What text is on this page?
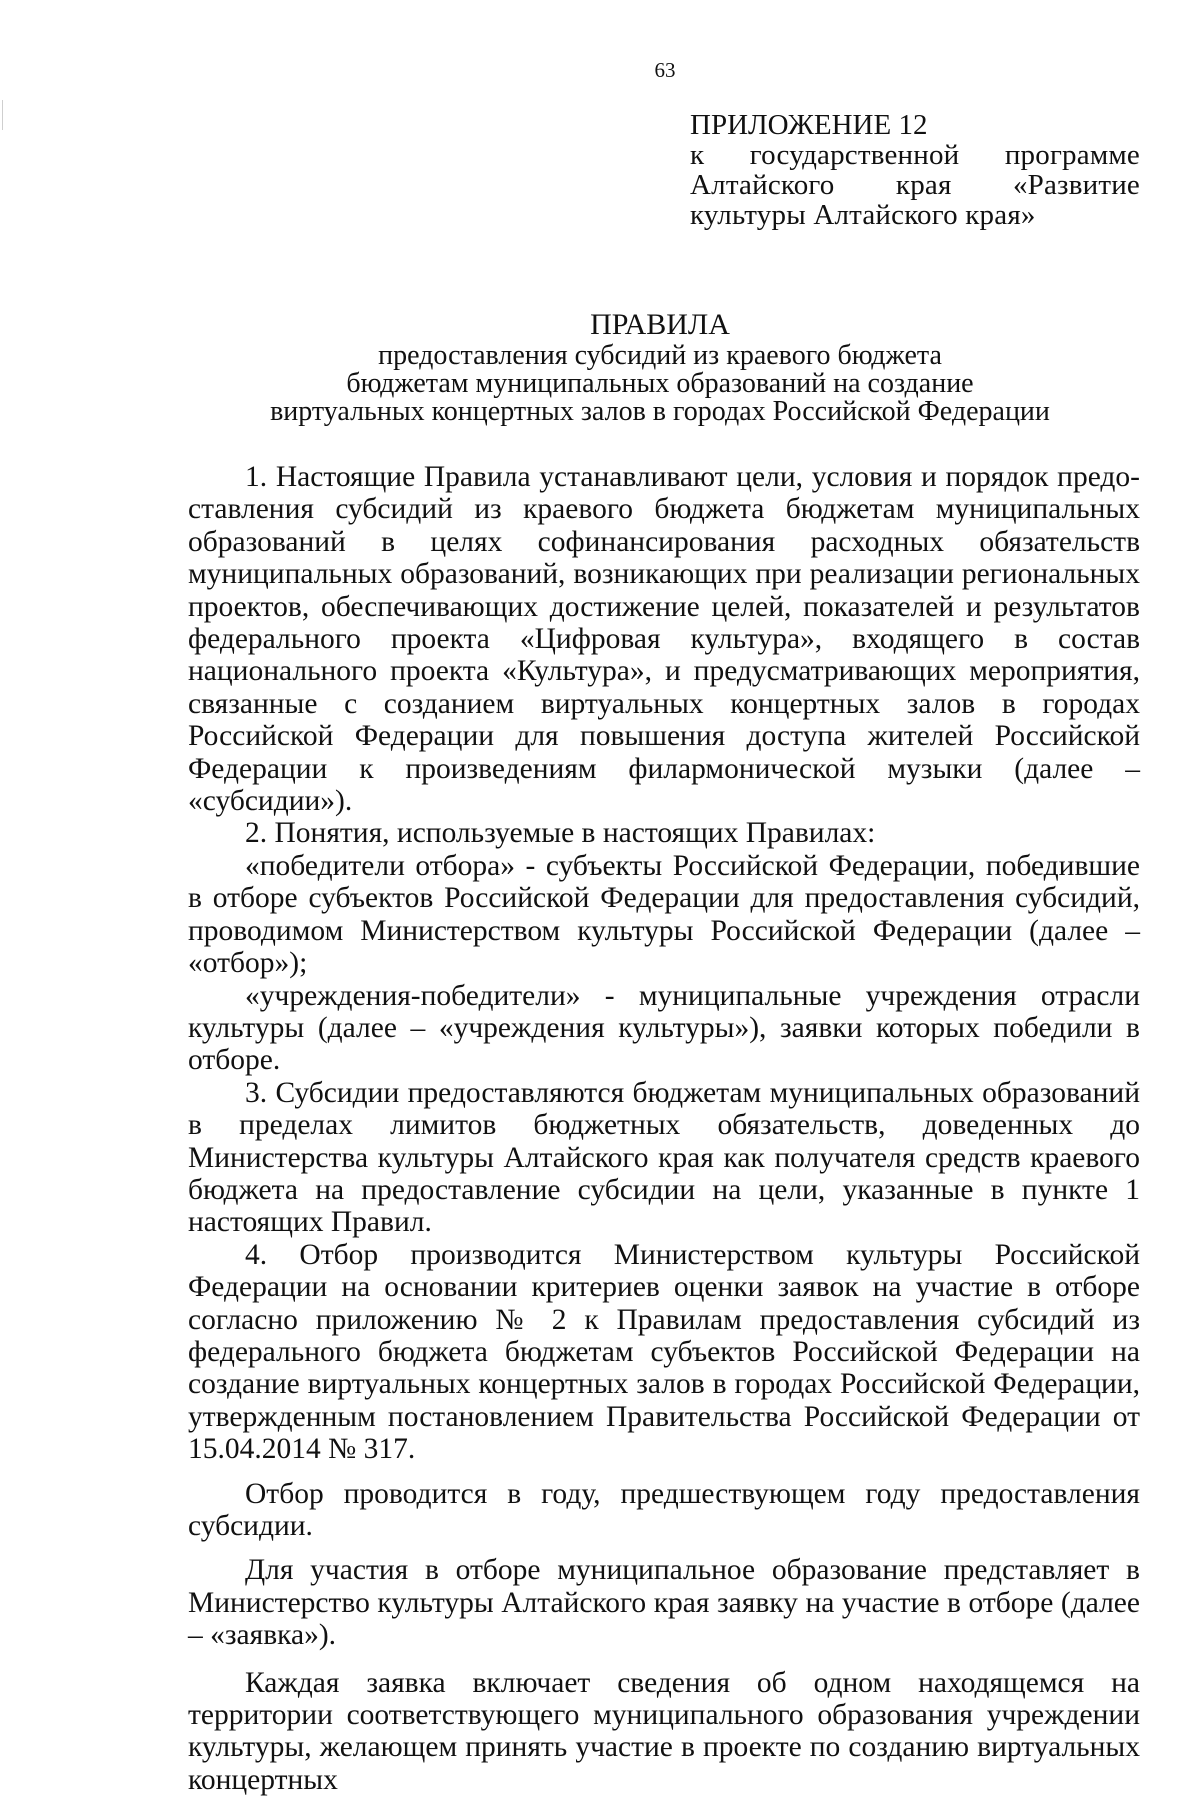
63
ПРИЛОЖЕНИЕ 12
к государственной программе Алтайского края «Развитие культуры Алтайского края»
ПРАВИЛА
предоставления субсидий из краевого бюджета
бюджетам муниципальных образований на создание
виртуальных концертных залов в городах Российской Федерации

1. Настоящие Правила устанавливают цели, условия и порядок предоставления субсидий из краевого бюджета бюджетам муниципальных образований в целях софинансирования расходных обязательств муниципальных образований, возникающих при реализации региональных проектов, обеспечивающих достижение целей, показателей и результатов федерального проекта «Цифровая культура», входящего в состав национального проекта «Культура», и предусматривающих мероприятия, связанные с созданием виртуальных концертных залов в городах Российской Федерации для повышения доступа жителей Российской Федерации к произведениям филармонической музыки (далее – «субсидии»).

2. Понятия, используемые в настоящих Правилах:

«победители отбора» - субъекты Российской Федерации, победившие в отборе субъектов Российской Федерации для предоставления субсидий, проводимом Министерством культуры Российской Федерации (далее – «отбор»);

«учреждения-победители» - муниципальные учреждения отрасли культуры (далее – «учреждения культуры»), заявки которых победили в отборе.

3. Субсидии предоставляются бюджетам муниципальных образований в пределах лимитов бюджетных обязательств, доведенных до Министерства культуры Алтайского края как получателя средств краевого бюджета на предоставление субсидии на цели, указанные в пункте 1 настоящих Правил.

4. Отбор производится Министерством культуры Российской Федерации на основании критериев оценки заявок на участие в отборе согласно приложению № 2 к Правилам предоставления субсидий из федерального бюджета бюджетам субъектов Российской Федерации на создание виртуальных концертных залов в городах Российской Федерации, утвержденным постановлением Правительства Российской Федерации от 15.04.2014 № 317.

Отбор проводится в году, предшествующем году предоставления субсидии.

Для участия в отборе муниципальное образование представляет в Министерство культуры Алтайского края заявку на участие в отборе (далее – «заявка»).

Каждая заявка включает сведения об одном находящемся на территории соответствующего муниципального образования учреждении культуры, желающем принять участие в проекте по созданию виртуальных концертных
